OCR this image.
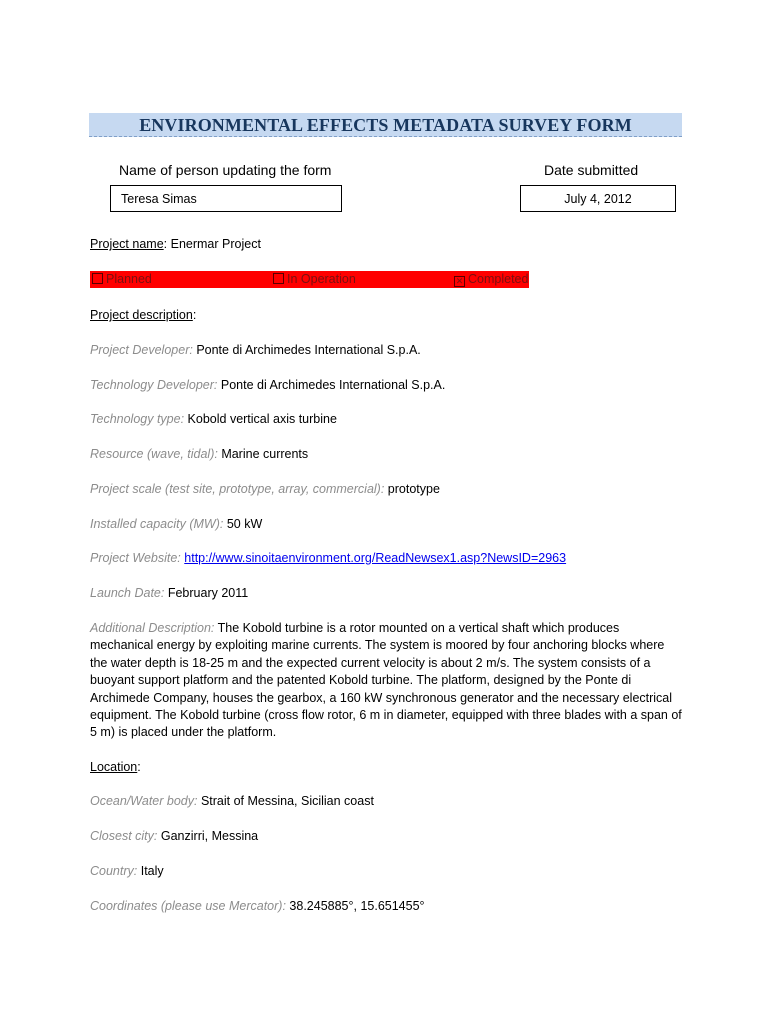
ENVIRONMENTAL EFFECTS METADATA SURVEY FORM
Name of person updating the form	Date submitted
Teresa Simas	July 4, 2012
Project name: Enermar Project
Planned	In Operation	✕ Completed
Project description:
Project Developer: Ponte di Archimedes International S.p.A.
Technology Developer: Ponte di Archimedes International S.p.A.
Technology type: Kobold vertical axis turbine
Resource (wave, tidal): Marine currents
Project scale (test site, prototype, array, commercial): prototype
Installed capacity (MW): 50 kW
Project Website: http://www.sinoitaenvironment.org/ReadNewsex1.asp?NewsID=2963
Launch Date: February 2011
Additional Description: The Kobold turbine is a rotor mounted on a vertical shaft which produces mechanical energy by exploiting marine currents. The system is moored by four anchoring blocks where the water depth is 18-25 m and the expected current velocity is about 2 m/s. The system consists of a buoyant support platform and the patented Kobold turbine. The platform, designed by the Ponte di Archimede Company, houses the gearbox, a 160 kW synchronous generator and the necessary electrical equipment. The Kobold turbine (cross flow rotor, 6 m in diameter, equipped with three blades with a span of 5 m) is placed under the platform.
Location:
Ocean/Water body: Strait of Messina, Sicilian coast
Closest city: Ganzirri, Messina
Country: Italy
Coordinates (please use Mercator): 38.245885°, 15.651455°
